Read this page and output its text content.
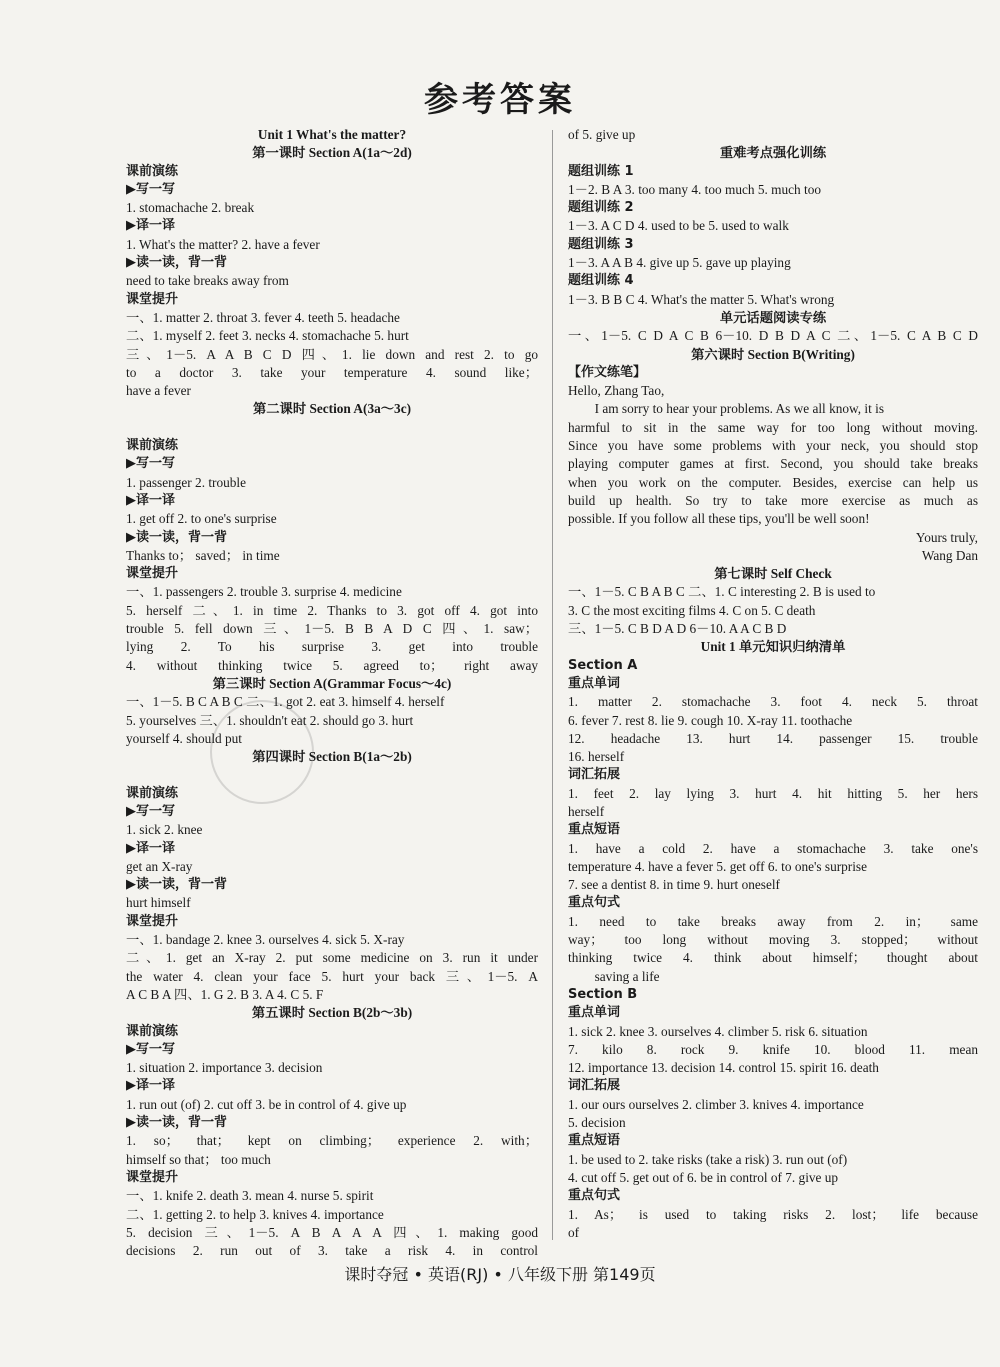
参考答案
Unit 1 What's the matter?
第一课时 Section A(1a～2d)
课前演练
▶写一写
1. stomachache 2. break
▶译一译
1. What's the matter? 2. have a fever
▶读一读，背一背
need to take breaks away from
课堂提升
一、1. matter 2. throat 3. fever 4. teeth 5. headache
二、1. myself 2. feet 3. necks 4. stomachache 5. hurt
三、1－5. A A B C D 四、1. lie down and rest 2. to go
to a doctor 3. take your temperature 4. sound like；
have a fever
第二课时 Section A(3a～3c)
课前演练
▶写一写
1. passenger 2. trouble
▶译一译
1. get off 2. to one's surprise
▶读一读，背一背
Thanks to； saved； in time
课堂提升
一、1. passengers 2. trouble 3. surprise 4. medicine
5. herself 二、1. in time 2. Thanks to 3. got off 4. got into
trouble 5. fell down 三、1－5. B B A D C 四、1. saw；
lying 2. To his surprise 3. get into trouble
4. without thinking twice 5. agreed to； right away
第三课时 Section A(Grammar Focus～4c)
一、1－5. B C A B C 二、1. got 2. eat 3. himself 4. herself
5. yourselves 三、1. shouldn't eat 2. should go 3. hurt
yourself 4. should put
第四课时 Section B(1a～2b)
课前演练
▶写一写
1. sick 2. knee
▶译一译
get an X-ray
▶读一读，背一背
hurt himself
课堂提升
一、1. bandage 2. knee 3. ourselves 4. sick 5. X-ray
二、1. get an X-ray 2. put some medicine on 3. run it under
the water 4. clean your face 5. hurt your back 三、1－5. A
A C B A 四、1. G 2. B 3. A 4. C 5. F
第五课时 Section B(2b～3b)
课前演练
▶写一写
1. situation 2. importance 3. decision
▶译一译
1. run out (of) 2. cut off 3. be in control of 4. give up
▶读一读，背一背
1. so； that； kept on climbing； experience 2. with；
himself so that； too much
课堂提升
一、1. knife 2. death 3. mean 4. nurse 5. spirit
二、1. getting 2. to help 3. knives 4. importance
5. decision 三、1－5. A B A A A 四、1. making good
decisions 2. run out of 3. take a risk 4. in control
of 5. give up
重难考点强化训练
题组训练 1
1－2. B A 3. too many 4. too much 5. much too
题组训练 2
1－3. A C D 4. used to be 5. used to walk
题组训练 3
1－3. A A B 4. give up 5. gave up playing
题组训练 4
1－3. B B C 4. What's the matter 5. What's wrong
单元话题阅读专练
一、1－5. C D A C B 6－10. D B D A C 二、1－5. C A B C D
第六课时 Section B(Writing)
【作文练笔】
Hello, Zhang Tao,
I am sorry to hear your problems. As we all know, it is
harmful to sit in the same way for too long without moving.
Since you have some problems with your neck, you should stop
playing computer games at first. Second, you should take breaks
when you work on the computer. Besides, exercise can help us
build up health. So try to take more exercise as much as
possible. If you follow all these tips, you'll be well soon!
Yours truly,
Wang Dan
第七课时 Self Check
一、1－5. C B A B C 二、1. C interesting 2. B is used to
3. C the most exciting films 4. C on 5. C death
三、1－5. C B D A D 6－10. A A C B D
Unit 1 单元知识归纳清单
Section A
重点单词
1. matter 2. stomachache 3. foot 4. neck 5. throat
6. fever 7. rest 8. lie 9. cough 10. X-ray 11. toothache
12. headache 13. hurt 14. passenger 15. trouble
16. herself
词汇拓展
1. feet 2. lay lying 3. hurt 4. hit hitting 5. her hers
herself
重点短语
1. have a cold 2. have a stomachache 3. take one's
temperature 4. have a fever 5. get off 6. to one's surprise
7. see a dentist 8. in time 9. hurt oneself
重点句式
1. need to take breaks away from 2. in； same
way； too long without moving 3. stopped； without
thinking twice 4. think about himself； thought about
saving a life
Section B
重点单词
1. sick 2. knee 3. ourselves 4. climber 5. risk 6. situation
7. kilo 8. rock 9. knife 10. blood 11. mean
12. importance 13. decision 14. control 15. spirit 16. death
词汇拓展
1. our ours ourselves 2. climber 3. knives 4. importance
5. decision
重点短语
1. be used to 2. take risks (take a risk) 3. run out (of)
4. cut off 5. get out of 6. be in control of 7. give up
重点句式
1. As； is used to taking risks 2. lost； life because
of
课时夺冠 • 英语(RJ) • 八年级下册 第149页
